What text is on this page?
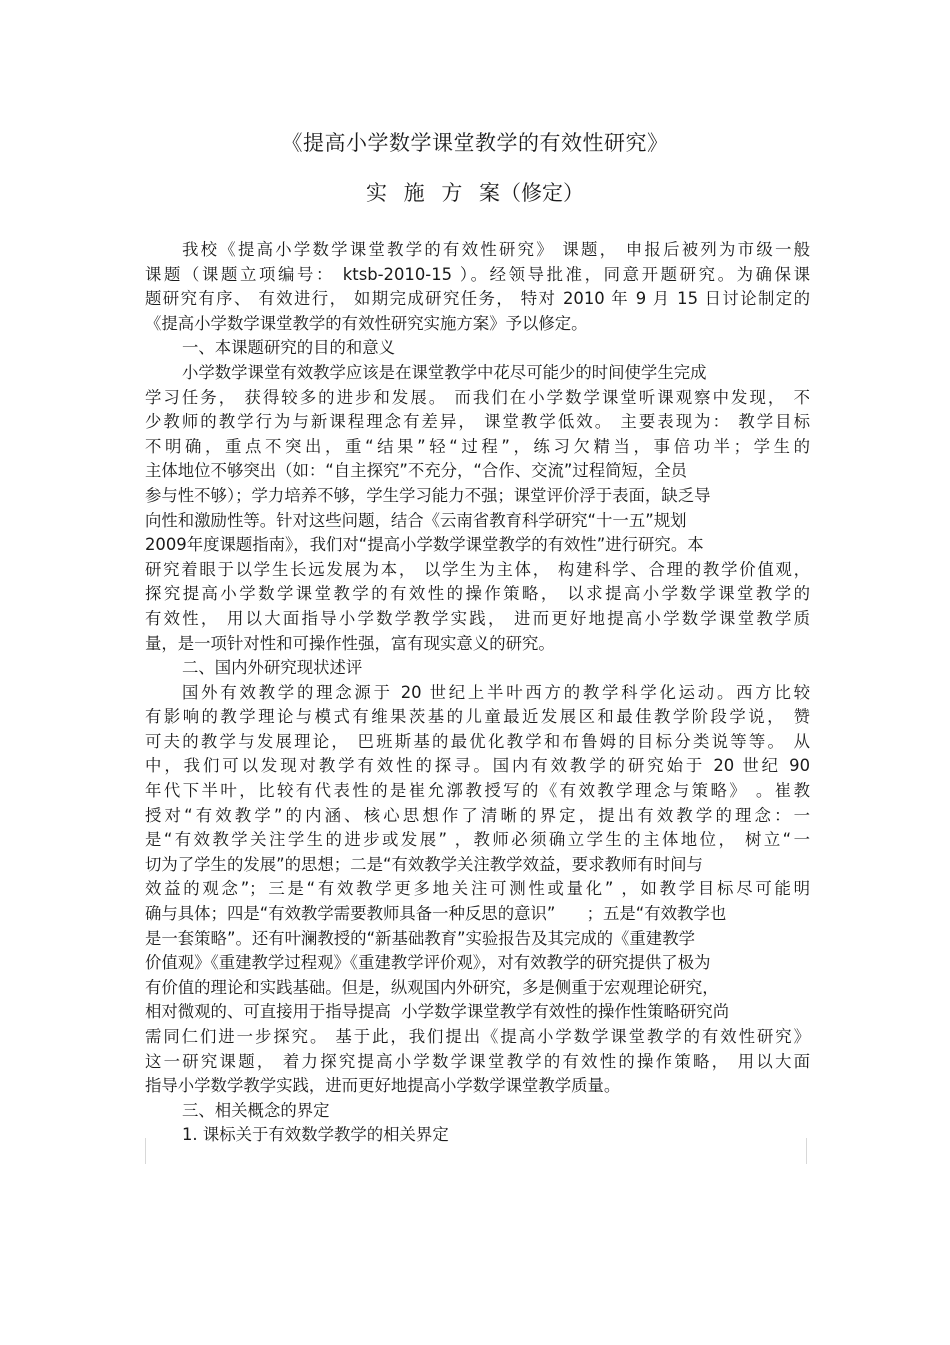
《提高小学数学课堂教学的有效性研究》
实 施 方 案（修定）
我校《提高小学数学课堂教学的有效性研究》 课题， 申报后被列为市级一般
课题（课题立项编号： ktsb-2010-15 ）。经领导批准，同意开题研究。为确保课
题研究有序、 有效进行， 如期完成研究任务， 特对 2010 年 9 月 15 日讨论制定的
《提高小学数学课堂教学的有效性研究实施方案》予以修定。
一、本课题研究的目的和意义
小学数学课堂有效教学应该是在课堂教学中花尽可能少的时间使学生完成
学习任务， 获得较多的进步和发展。 而我们在小学数学课堂听课观察中发现， 不
少教师的教学行为与新课程理念有差异， 课堂教学低效。 主要表现为： 教学目标
不明确，重点不突出，重“结果”轻“过程”，练习欠精当，事倍功半；学生的
主体地位不够突出（如：“自主探究”不充分，“合作、交流”过程简短，全员
参与性不够）；学力培养不够，学生学习能力不强；课堂评价浮于表面，缺乏导
向性和激励性等。针对这些问题，结合《云南省教育科学研究“十一五”规划
2009年度课题指南》，我们对“提高小学数学课堂教学的有效性”进行研究。本
研究着眼于以学生长远发展为本， 以学生为主体， 构建科学、合理的教学价值观，
探究提高小学数学课堂教学的有效性的操作策略， 以求提高小学数学课堂教学的
有效性， 用以大面指导小学数学教学实践， 进而更好地提高小学数学课堂教学质
量，是一项针对性和可操作性强，富有现实意义的研究。
二、国内外研究现状述评
国外有效教学的理念源于 20 世纪上半叶西方的教学科学化运动。西方比较
有影响的教学理论与模式有维果茨基的儿童最近发展区和最佳教学阶段学说， 赞
可夫的教学与发展理论， 巴班斯基的最优化教学和布鲁姆的目标分类说等等。 从
中，我们可以发现对教学有效性的探寻。国内有效教学的研究始于 20 世纪 90
年代下半叶，比较有代表性的是崔允漷教授写的《有效教学理念与策略》 。崔教
授对“有效教学”的内涵、核心思想作了清晰的界定，提出有效教学的理念：一
是“有效教学关注学生的进步或发展” ，教师必须确立学生的主体地位， 树立“一
切为了学生的发展”的思想；二是“有效教学关注教学效益，要求教师有时间与
效益的观念”；三是“有效教学更多地关注可测性或量化” ，如教学目标尽可能明
确与具体；四是“有效教学需要教师具备一种反思的意识”      ；五是“有效教学也
是一套策略”。还有叶澜教授的“新基础教育”实验报告及其完成的《重建教学
价值观》《重建教学过程观》《重建教学评价观》，对有效教学的研究提供了极为
有价值的理论和实践基础。但是，纵观国内外研究，多是侧重于宏观理论研究，
相对微观的、可直接用于指导提高  小学数学课堂教学有效性的操作性策略研究尚
需同仁们进一步探究。 基于此，我们提出《提高小学数学课堂教学的有效性研究》
这一研究课题， 着力探究提高小学数学课堂教学的有效性的操作策略， 用以大面
指导小学数学教学实践，进而更好地提高小学数学课堂教学质量。
三、相关概念的界定
1. 课标关于有效数学教学的相关界定
